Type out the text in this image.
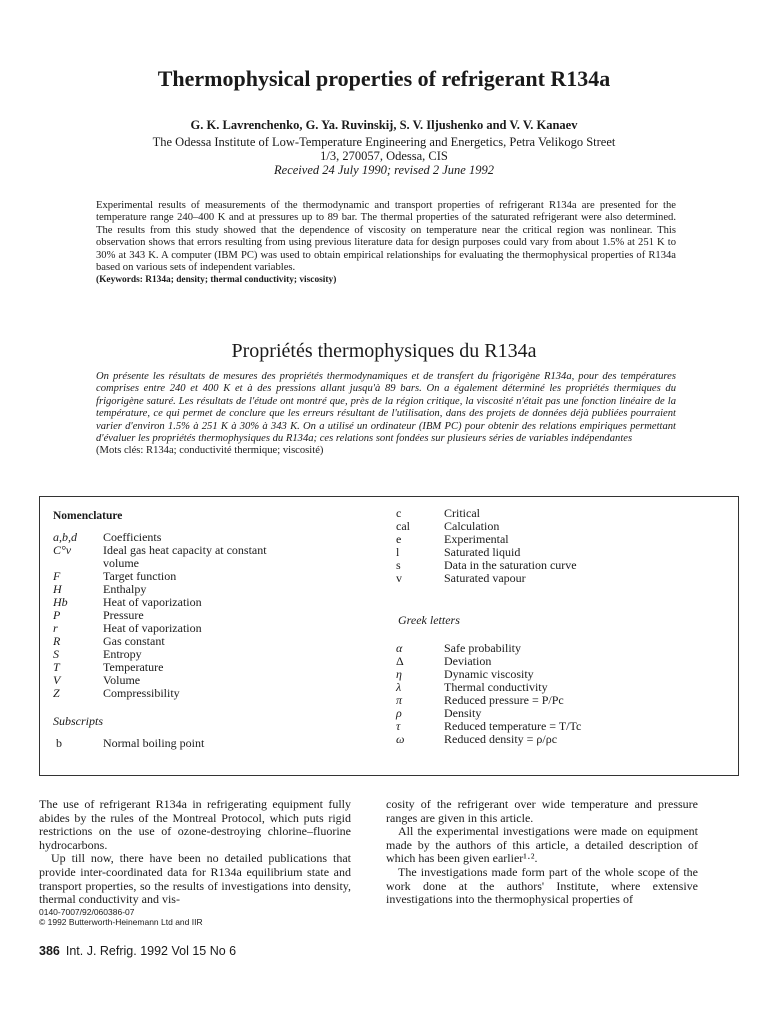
Thermophysical properties of refrigerant R134a
G. K. Lavrenchenko, G. Ya. Ruvinskij, S. V. Iljushenko and V. V. Kanaev
The Odessa Institute of Low-Temperature Engineering and Energetics, Petra Velikogo Street
1/3, 270057, Odessa, CIS
Received 24 July 1990; revised 2 June 1992
Experimental results of measurements of the thermodynamic and transport properties of refrigerant R134a are presented for the temperature range 240–400 K and at pressures up to 89 bar. The thermal properties of the saturated refrigerant were also determined. The results from this study showed that the dependence of viscosity on temperature near the critical region was nonlinear. This observation shows that errors resulting from using previous literature data for design purposes could vary from about 1.5% at 251 K to 30% at 343 K. A computer (IBM PC) was used to obtain empirical relationships for evaluating the thermophysical properties of R134a based on various sets of independent variables.
(Keywords: R134a; density; thermal conductivity; viscosity)
Propriétés thermophysiques du R134a
On présente les résultats de mesures des propriétés thermodynamiques et de transfert du frigorigène R134a, pour des températures comprises entre 240 et 400 K et à des pressions allant jusqu'à 89 bars. On a également déterminé les propriétés thermiques du frigorigène saturé. Les résultats de l'étude ont montré que, près de la région critique, la viscosité n'était pas une fonction linéaire de la température, ce qui permet de conclure que les erreurs résultant de l'utilisation, dans des projets de données déjà publiées pourraient varier d'environ 1.5% à 251 K à 30% à 343 K. On a utilisé un ordinateur (IBM PC) pour obtenir des relations empiriques permettant d'évaluer les propriétés thermophysiques du R134a; ces relations sont fondées sur plusieurs séries de variables indépendantes
(Mots clés: R134a; conductivité thermique; viscosité)
Nomenclature
a,b,d Coefficients
C°v	Ideal gas heat capacity at constant
volume
F	Target function
H	Enthalpy
Hb	Heat of vaporization
P	Pressure
r	Heat of vaporization
R	Gas constant
S	Entropy
T	Temperature
V	Volume
Z	Compressibility
Subscripts
b	Normal boiling point
c	Critical
cal	Calculation
e	Experimental
l	Saturated liquid
s	Data in the saturation curve
v	Saturated vapour
Greek letters
α	Safe probability
Δ	Deviation
η	Dynamic viscosity
λ	Thermal conductivity
π	Reduced pressure = P/Pc
ρ	Density
τ	Reduced temperature = T/Tc
ω	Reduced density = ρ/ρc
The use of refrigerant R134a in refrigerating equipment fully abides by the rules of the Montreal Protocol, which puts rigid restrictions on the use of ozone-destroying chlorine–fluorine hydrocarbons.
Up till now, there have been no detailed publications that provide inter-coordinated data for R134a equilibrium state and transport properties, so the results of investigations into density, thermal conductivity and vis-
0140-7007/92/060386-07
© 1992 Butterworth-Heinemann Ltd and IIR
cosity of the refrigerant over wide temperature and pressure ranges are given in this article.
All the experimental investigations were made on equipment made by the authors of this article, a detailed description of which has been given earlier¹·².
The investigations made form part of the whole scope of the work done at the authors' Institute, where extensive investigations into the thermophysical properties of
386 Int. J. Refrig. 1992 Vol 15 No 6
